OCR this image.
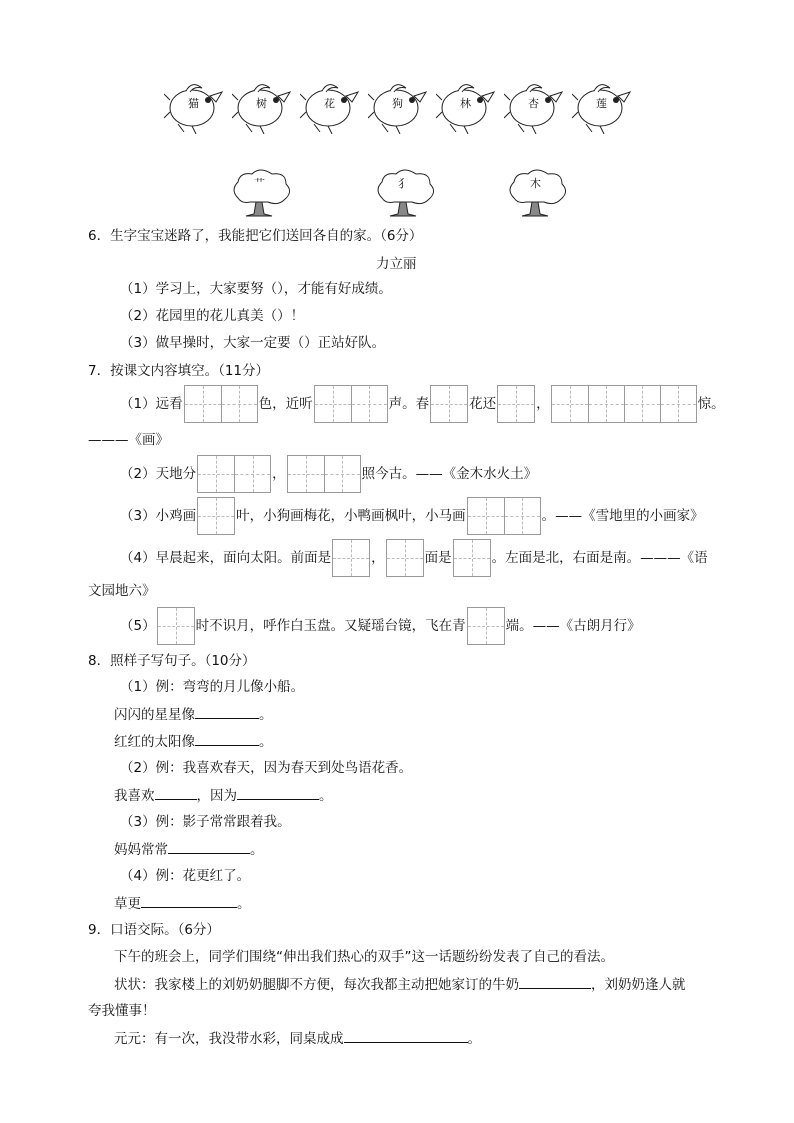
猫	树	花	狗	林	杏	莲
艹	犭	木
6．生字宝宝迷路了，我能把它们送回各自的家。（6分）
力立丽
（1）学习上，大家要努（），才能有好成绩。
（2）花园里的花儿真美（）！
（3）做早操时，大家一定要（）正站好队。
7．按课文内容填空。（11分）
（1）远看	色，近听	声。春	花还	，	惊。
———《画》
（2）天地分	，	照今古。——《金木水火土》
（3）小鸡画	叶，小狗画梅花，小鸭画枫叶，小马画	。——《雪地里的小画家》
（4）早晨起来，面向太阳。前面是	，	面是	。左面是北，右面是南。———《语
文园地六》
（5）	时不识月，呼作白玉盘。又疑瑶台镜，飞在青	端。——《古朗月行》
8．照样子写句子。（10分）
（1）例：弯弯的月儿像小船。
闪闪的星星像	。
红红的太阳像	。
（2）例：我喜欢春天，因为春天到处鸟语花香。
我喜欢	，因为	。
（3）例：影子常常跟着我。
妈妈常常	。
（4）例：花更红了。
草更	。
9．口语交际。（6分）
下午的班会上，同学们围绕“伸出我们热心的双手”这一话题纷纷发表了自己的看法。
状状：我家楼上的刘奶奶腿脚不方便，每次我都主动把她家订的牛奶	，刘奶奶逢人就
夸我懂事！
元元：有一次，我没带水彩，同桌成成	。
